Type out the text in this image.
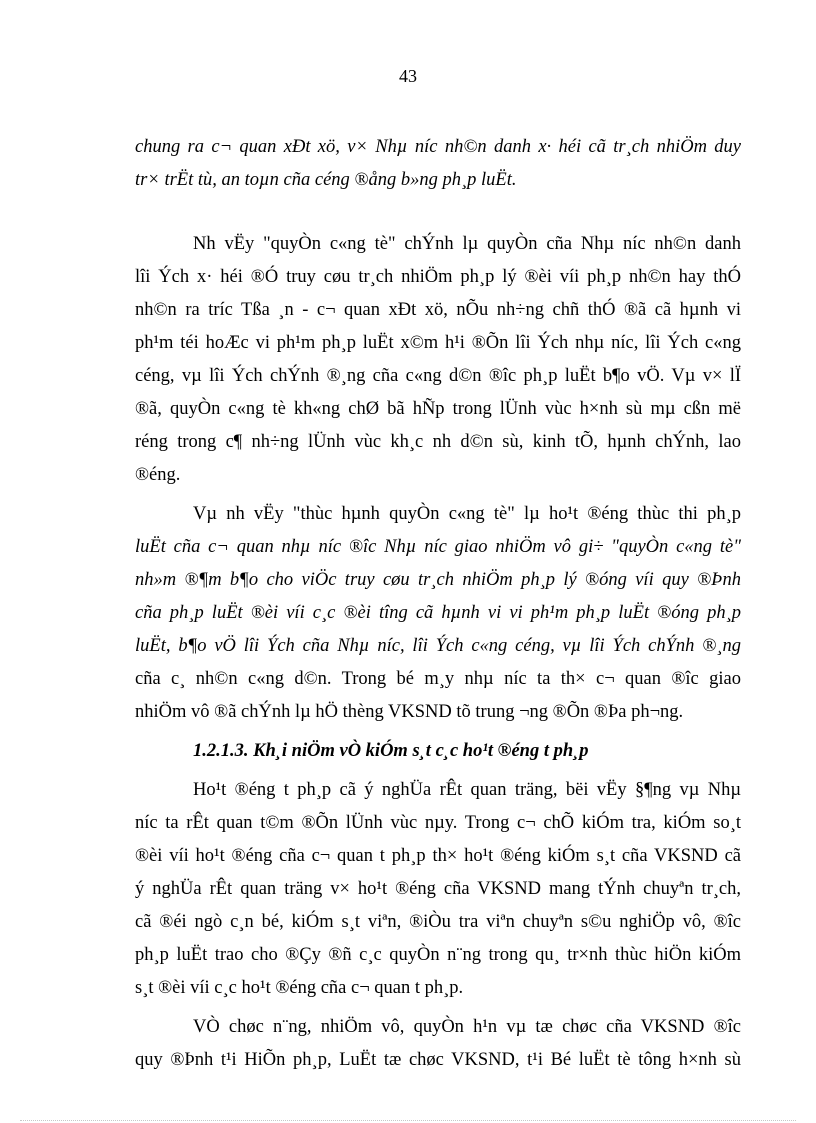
43
chung ra c¬ quan xÐt xö, v× Nhµ níc nh©n danh x· héi cã tr¸ch nhiÖm duy
tr× trËt tù, an toµn cña céng ®ång b»ng ph¸p luËt.
Nh vËy "quyÒn c«ng tè" chÝnh lµ quyÒn cña Nhµ níc nh©n danh
lîi Ých x· héi ®Ó truy cøu tr¸ch nhiÖm ph¸p lý ®èi víi ph¸p nh©n hay thÓ
nh©n ra tríc Tßa ¸n - c¬ quan xÐt xö, nÕu nh÷ng chñ thÓ ®ã cã hµnh vi
ph¹m téi hoÆc vi ph¹m ph¸p luËt x©m h¹i ®Õn lîi Ých nhµ níc, lîi Ých c«ng
céng, vµ lîi Ých chÝnh ®¸ng cña c«ng d©n ®îc ph¸p luËt b¶o vÖ. Vµ v× lÏ
®ã, quyÒn c«ng tè kh«ng chØ bã hÑp trong lÜnh vùc h×nh sù mµ cßn më
réng trong c¶ nh÷ng lÜnh vùc kh¸c nh d©n sù, kinh tÕ, hµnh chÝnh, lao
®éng.
Vµ nh vËy "thùc hµnh quyÒn c«ng tè" lµ ho¹t ®éng thùc thi ph¸p
luËt cña c¬ quan nhµ níc ®îc Nhµ níc giao nhiÖm vô gi÷ "quyÒn c«ng tè"
nh»m ®¶m b¶o cho viÖc truy cøu tr¸ch nhiÖm ph¸p lý ®óng víi quy ®Þnh
cña ph¸p luËt ®èi víi c¸c ®èi tîng cã hµnh vi vi ph¹m ph¸p luËt ®óng ph¸p
luËt, b¶o vÖ lîi Ých cña Nhµ níc, lîi Ých c«ng céng, vµ lîi Ých chÝnh ®¸ng
cña c¸ nh©n c«ng d©n. Trong bé m¸y nhµ níc ta th× c¬ quan ®îc giao
nhiÖm vô ®ã chÝnh lµ hÖ thèng VKSND tõ trung ¬ng ®Õn ®Þa ph¬ng.
1.2.1.3. Kh¸i niÖm vÒ kiÓm s¸t c¸c ho¹t ®éng t ph¸p
Ho¹t ®éng t ph¸p cã ý nghÜa rÊt quan träng, bëi vËy §¶ng vµ Nhµ
níc ta rÊt quan t©m ®Õn lÜnh vùc nµy. Trong c¬ chÕ kiÓm tra, kiÓm so¸t
®èi víi ho¹t ®éng cña c¬ quan t ph¸p th× ho¹t ®éng kiÓm s¸t cña VKSND cã
ý nghÜa rÊt quan träng v× ho¹t ®éng cña VKSND mang tÝnh chuyªn tr¸ch,
cã ®éi ngò c¸n bé, kiÓm s¸t viªn, ®iÒu tra viªn chuyªn s©u nghiÖp vô, ®îc
ph¸p luËt trao cho ®Çy ®ñ c¸c quyÒn n¨ng trong qu¸ tr×nh thùc hiÖn kiÓm
s¸t ®èi víi c¸c ho¹t ®éng cña c¬ quan t ph¸p.
VÒ chøc n¨ng, nhiÖm vô, quyÒn h¹n vµ tæ chøc cña VKSND ®îc
quy ®Þnh t¹i HiÕn ph¸p, LuËt tæ chøc VKSND, t¹i Bé luËt tè tông h×nh sù
